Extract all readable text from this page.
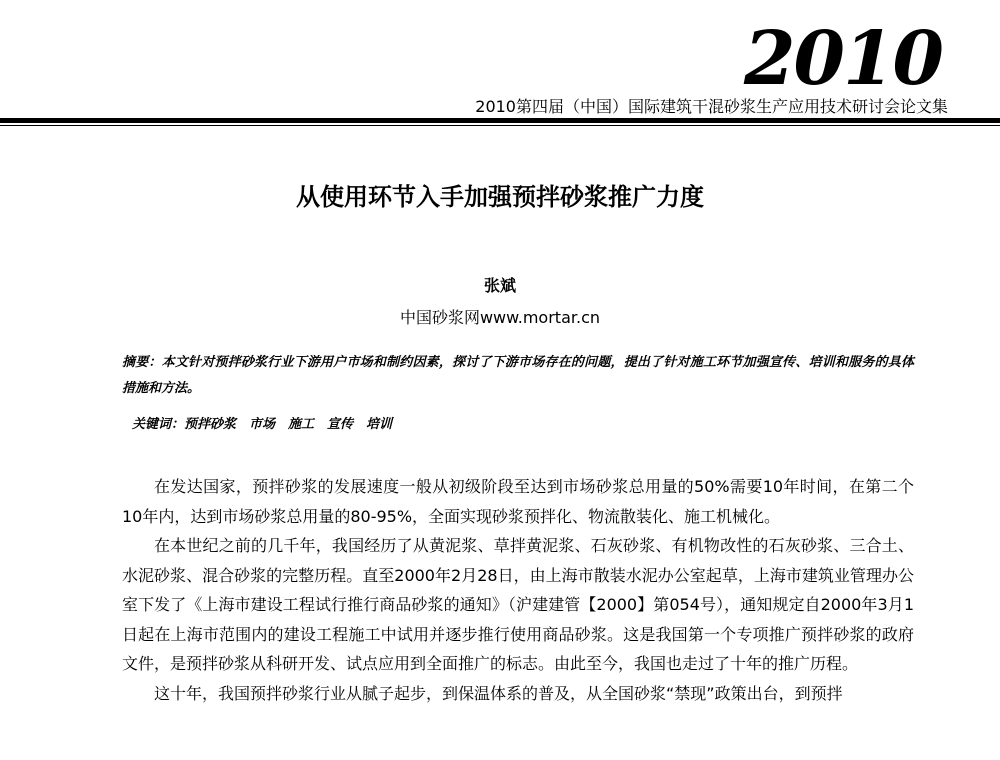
2010
2010第四届（中国）国际建筑干混砂浆生产应用技术研讨会论文集
从使用环节入手加强预拌砂浆推广力度
张斌
中国砂浆网www.mortar.cn
摘要：本文针对预拌砂浆行业下游用户市场和制约因素，探讨了下游市场存在的问题，提出了针对施工环节加强宣传、培训和服务的具体措施和方法。
关键词：预拌砂浆　市场　施工　宣传　培训

在发达国家，预拌砂浆的发展速度一般从初级阶段至达到市场砂浆总用量的50%需要10年时间，在第二个10年内，达到市场砂浆总用量的80-95%，全面实现砂浆预拌化、物流散装化、施工机械化。

在本世纪之前的几千年，我国经历了从黄泥浆、草拌黄泥浆、石灰砂浆、有机物改性的石灰砂浆、三合土、水泥砂浆、混合砂浆的完整历程。直至2000年2月28日，由上海市散装水泥办公室起草，上海市建筑业管理办公室下发了《上海市建设工程试行推行商品砂浆的通知》（沪建建管【2000】第054号），通知规定自2000年3月1日起在上海市范围内的建设工程施工中试用并逐步推行使用商品砂浆。这是我国第一个专项推广预拌砂浆的政府文件，是预拌砂浆从科研开发、试点应用到全面推广的标志。由此至今，我国也走过了十年的推广历程。

这十年，我国预拌砂浆行业从腻子起步，到保温体系的普及，从全国砂浆“禁现”政策出台，到预拌
